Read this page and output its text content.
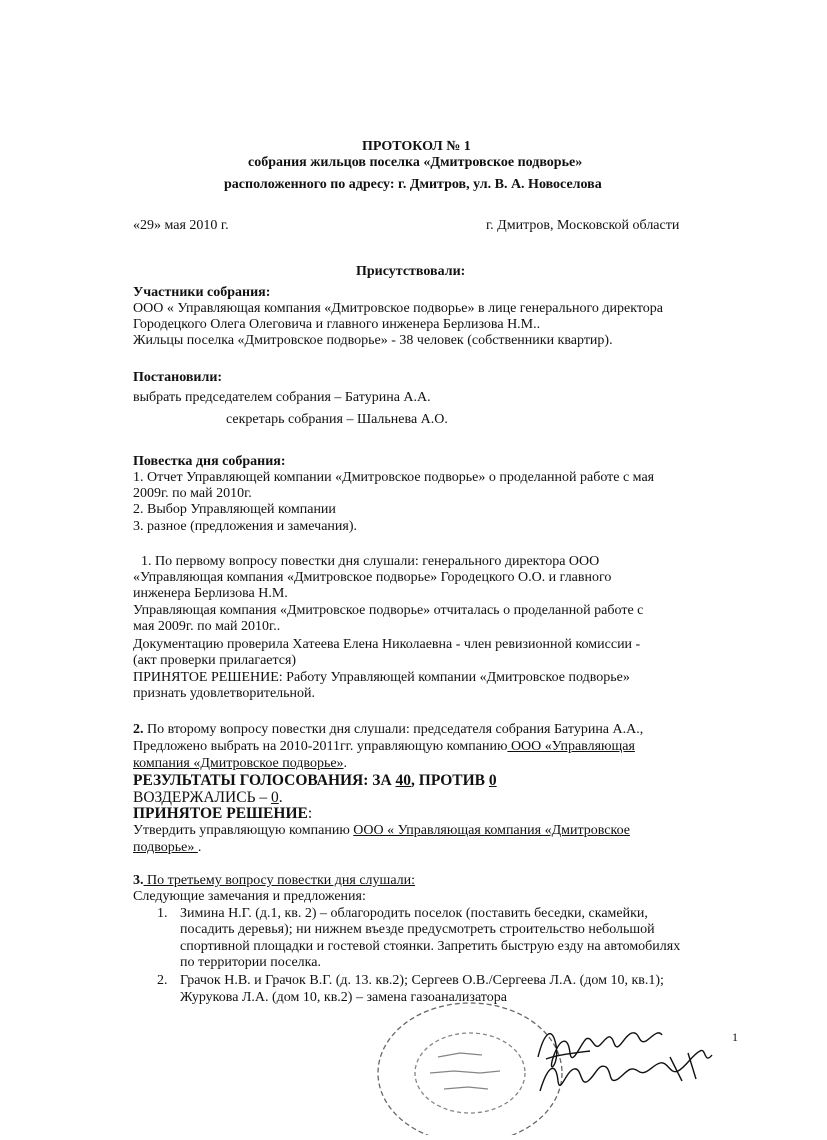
ПРОТОКОЛ № 1
собрания жильцов поселка «Дмитровское подворье»
расположенного по адресу: г. Дмитров, ул. В. А. Новоселова
«29» мая 2010 г.	г. Дмитров, Московской области
Присутствовали:
Участники собрания:
ООО « Управляющая компания «Дмитровское подворье» в лице генерального директора
Городецкого Олега Олеговича и главного инженера Берлизова Н.М..
Жильцы поселка «Дмитровское подворье» - 38 человек (собственники квартир).
Постановили:
выбрать председателем собрания – Батурина А.А.
секретарь собрания – Шальнева А.О.
Повестка дня собрания:
1. Отчет Управляющей компании «Дмитровское подворье» о проделанной работе с мая
2009г. по май 2010г.
2. Выбор Управляющей компании
3. разное (предложения и замечания).
1. По первому вопросу повестки дня слушали: генерального директора ООО
«Управляющая компания «Дмитровское подворье» Городецкого О.О. и главного
инженера Берлизова Н.М.
Управляющая компания «Дмитровское подворье» отчиталась о проделанной работе с
мая 2009г. по май 2010г..
Документацию проверила Хатеева Елена Николаевна - член ревизионной комиссии -
(акт проверки прилагается)
ПРИНЯТОЕ РЕШЕНИЕ: Работу Управляющей компании «Дмитровское подворье»
признать удовлетворительной.
2. По второму вопросу повестки дня слушали: председателя собрания Батурина А.А.,
Предложено выбрать на 2010-2011гг. управляющую компанию ООО «Управляющая
компания «Дмитровское подворье».
РЕЗУЛЬТАТЫ ГОЛОСОВАНИЯ: ЗА 40, ПРОТИВ 0
ВОЗДЕРЖАЛИСЬ – 0.
ПРИНЯТОЕ РЕШЕНИЕ:
Утвердить управляющую компанию ООО « Управляющая компания «Дмитровское
подворье» .
3. По третьему вопросу повестки дня слушали:
Следующие замечания и предложения:
1. Зимина Н.Г. (д.1, кв. 2) – облагородить поселок (поставить беседки, скамейки,
посадить деревья); ни нижнем въезде предусмотреть строительство небольшой
спортивной площадки и гостевой стоянки. Запретить быструю езду на автомобилях
по территории поселка.
2. Грачок Н.В. и Грачок В.Г. (д. 13. кв.2); Сергеев О.В./Сергеева Л.А. (дом 10, кв.1);
Журукова Л.А. (дом 10, кв.2) – замена газоанализатора
1
